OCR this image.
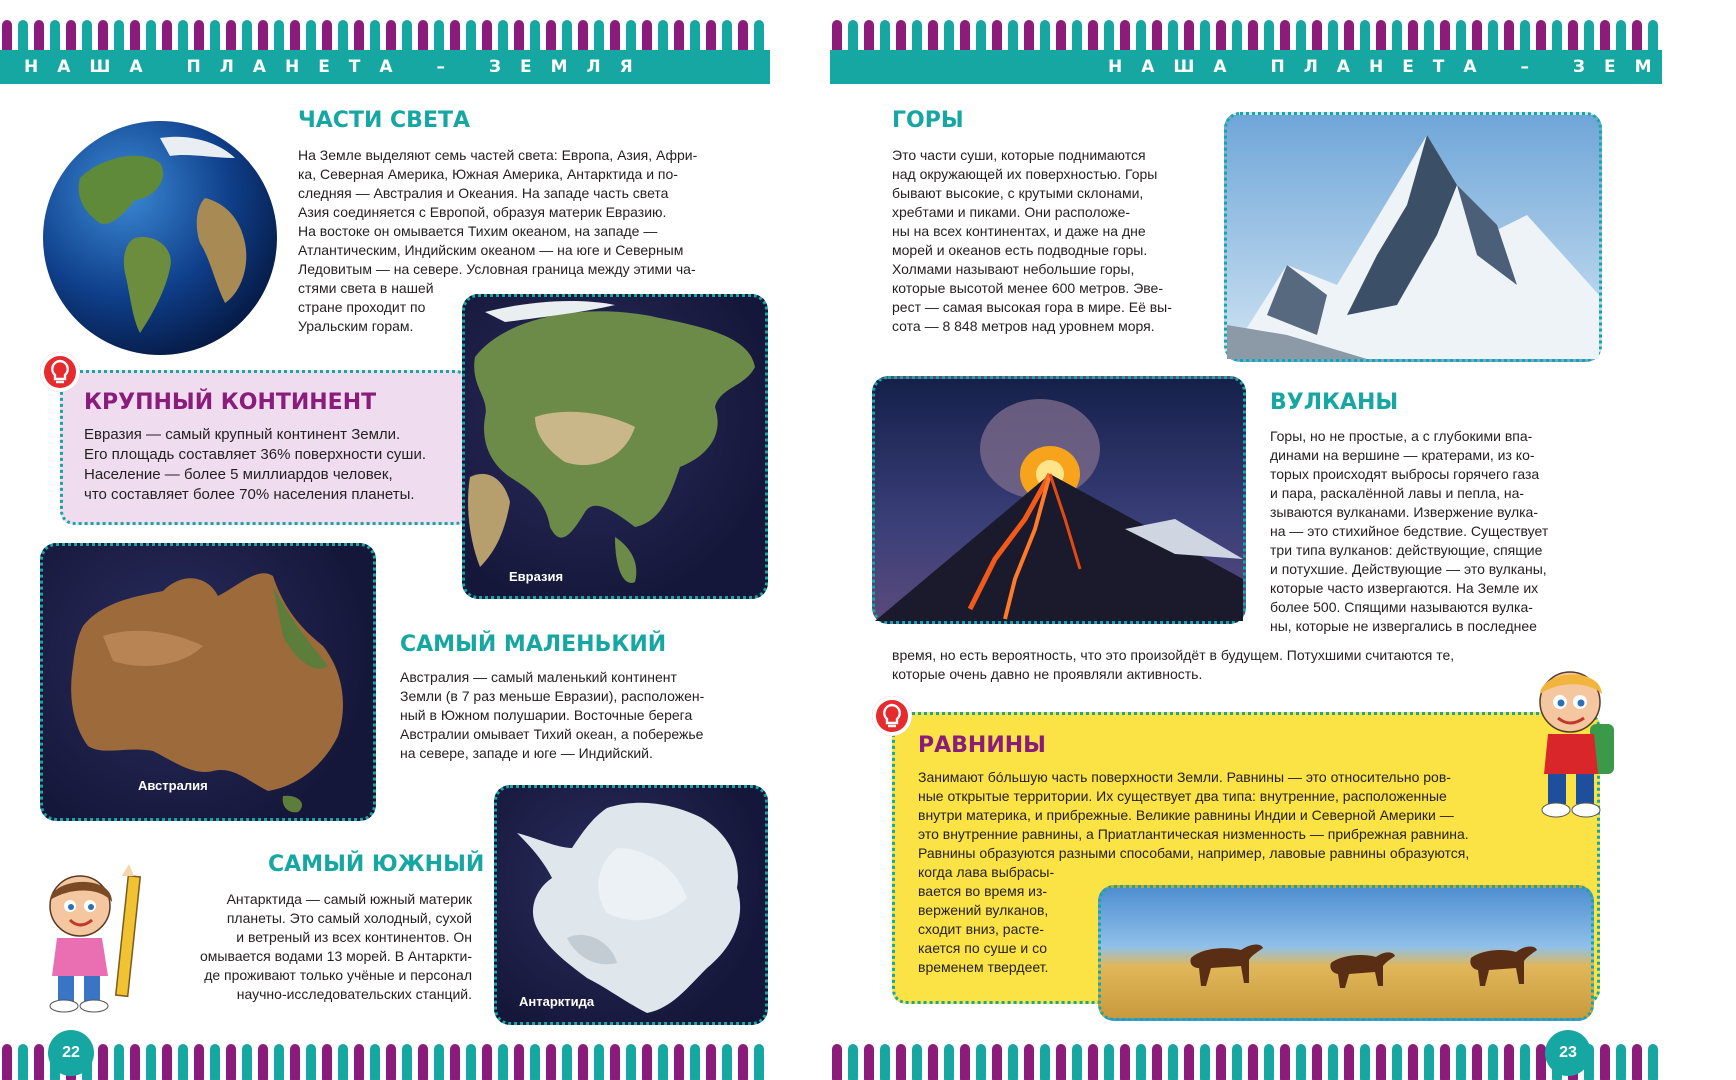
НАША ПЛАНЕТА – ЗЕМЛЯ	НАША ПЛАНЕТА – ЗЕМЛЯ
22	23
ЧАСТИ СВЕТА
На Земле выделяют семь частей света: Европа, Азия, Афри-
ка, Северная Америка, Южная Америка, Антарктида и по-
следняя — Австралия и Океания. На западе часть света
Азия соединяется с Европой, образуя материк Евразию.
На востоке он омывается Тихим океаном, на западе —
Атлантическим, Индийским океаном — на юге и Северным
Ледовитым — на севере. Условная граница между этими ча-
стями света в нашей
стране проходит по
Уральским горам.
КРУПНЫЙ КОНТИНЕНТ
Евразия — самый крупный континент Земли.
Его площадь составляет 36% поверхности суши.
Население — более 5 миллиардов человек,
что составляет более 70% населения планеты.
Евразия
Австралия
САМЫЙ МАЛЕНЬКИЙ
Австралия — самый маленький континент
Земли (в 7 раз меньше Евразии), расположен-
ный в Южном полушарии. Восточные берега
Австралии омывает Тихий океан, а побережье
на севере, западе и юге — Индийский.
САМЫЙ ЮЖНЫЙ
Антарктида — самый южный материк
планеты. Это самый холодный, сухой
и ветреный из всех континентов. Он
омывается водами 13 морей. В Антаркти-
де проживают только учёные и персонал
научно-исследовательских станций.	Антарктида
ГОРЫ
Это части суши, которые поднимаются
над окружающей их поверхностью. Горы
бывают высокие, с крутыми склонами,
хребтами и пиками. Они расположе-
ны на всех континентах, и даже на дне
морей и океанов есть подводные горы.
Холмами называют небольшие горы,
которые высотой менее 600 метров. Эве-
рест — самая высокая гора в мире. Её вы-
сота — 8 848 метров над уровнем моря.
ВУЛКАНЫ
Горы, но не простые, а с глубокими впа-
динами на вершине — кратерами, из ко-
торых происходят выбросы горячего газа
и пара, раскалённой лавы и пепла, на-
зываются вулканами. Извержение вулка-
на — это стихийное бедствие. Существует
три типа вулканов: действующие, спящие
и потухшие. Действующие — это вулканы,
которые часто извергаются. На Земле их
более 500. Спящими называются вулка-
ны, которые не извергались в последнее
время, но есть вероятность, что это произойдёт в будущем. Потухшими считаются те,
которые очень давно не проявляли активность.
РАВНИНЫ
Занимают бóльшую часть поверхности Земли. Равнины — это относительно ров-
ные открытые территории. Их существует два типа: внутренние, расположенные
внутри материка, и прибрежные. Великие равнины Индии и Северной Америки —
это внутренние равнины, а Приатлантическая низменность — прибрежная равнина.
Равнины образуются разными способами, например, лавовые равнины образуются,
когда лава выбрасы-
вается во время из-
вержений вулканов,
сходит вниз, расте-
кается по суше и со
временем твердеет.
